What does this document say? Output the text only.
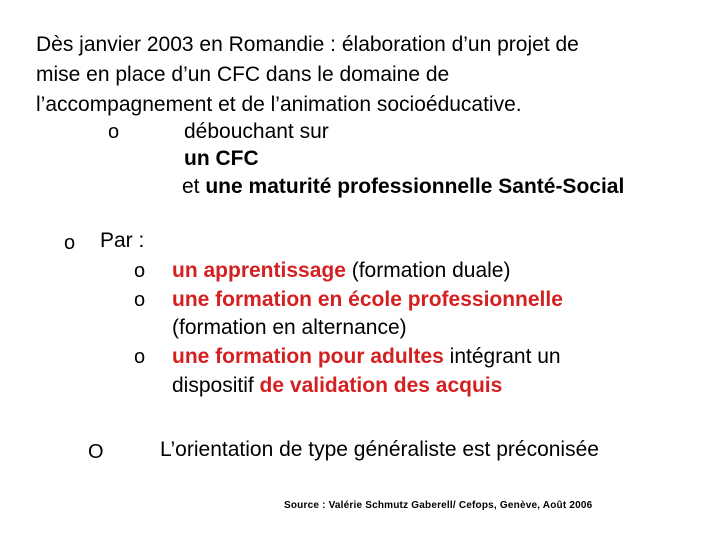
Dès janvier 2003 en Romandie : élaboration d’un projet de
mise en place d’un CFC dans le domaine de
l’accompagnement et de l’animation socioéducative.
o	débouchant sur
un CFC
et une maturité professionnelle Santé-Social
o Par :
o un apprentissage (formation duale)
o une formation en école professionnelle
(formation en alternance)
o une formation pour adultes intégrant un
dispositif de validation des acquis
O	L’orientation de type généraliste est préconisée
Source : Valérie Schmutz Gaberell/ Cefops, Genève, Août 2006
